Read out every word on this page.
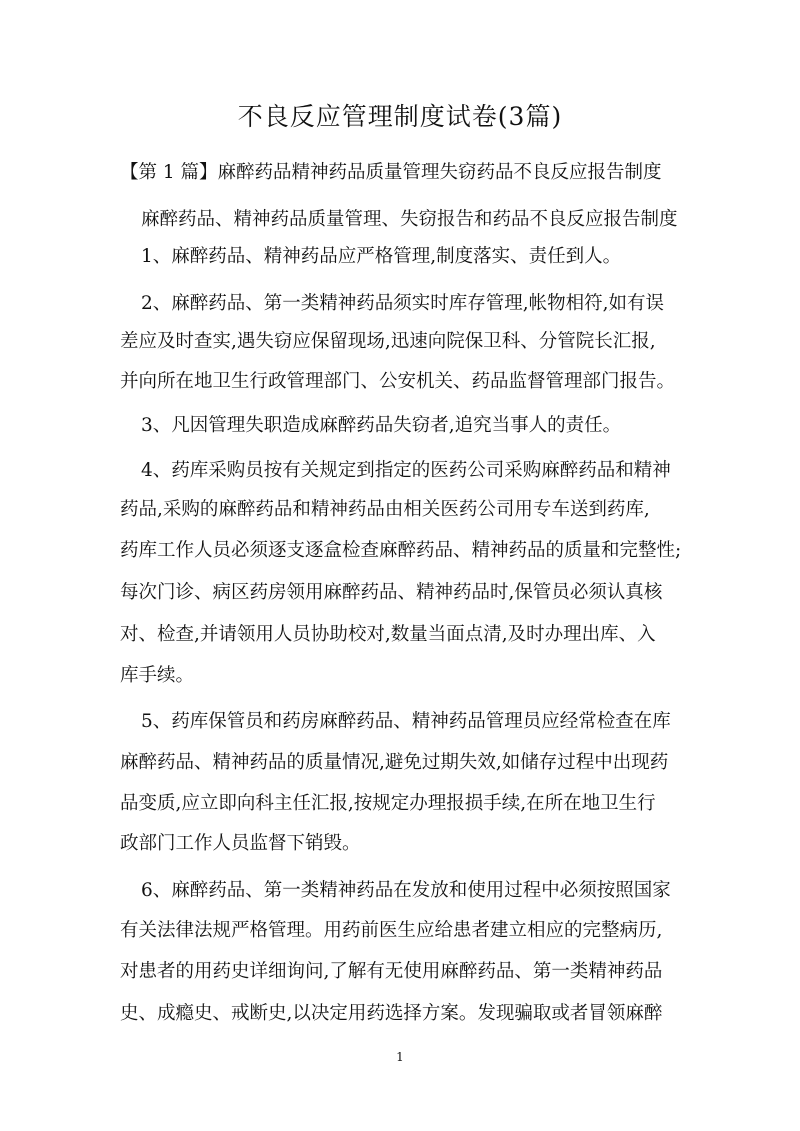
不良反应管理制度试卷(3篇)
【第 1 篇】麻醉药品精神药品质量管理失窃药品不良反应报告制度
麻醉药品、精神药品质量管理、失窃报告和药品不良反应报告制度
1、麻醉药品、精神药品应严格管理,制度落实、责任到人。
2、麻醉药品、第一类精神药品须实时库存管理,帐物相符,如有误
差应及时查实,遇失窃应保留现场,迅速向院保卫科、分管院长汇报,
并向所在地卫生行政管理部门、公安机关、药品监督管理部门报告。
3、凡因管理失职造成麻醉药品失窃者,追究当事人的责任。
4、药库采购员按有关规定到指定的医药公司采购麻醉药品和精神
药品,采购的麻醉药品和精神药品由相关医药公司用专车送到药库,
药库工作人员必须逐支逐盒检查麻醉药品、精神药品的质量和完整性;
每次门诊、病区药房领用麻醉药品、精神药品时,保管员必须认真核
对、检查,并请领用人员协助校对,数量当面点清,及时办理出库、入
库手续。
5、药库保管员和药房麻醉药品、精神药品管理员应经常检查在库
麻醉药品、精神药品的质量情况,避免过期失效,如储存过程中出现药
品变质,应立即向科主任汇报,按规定办理报损手续,在所在地卫生行
政部门工作人员监督下销毁。
6、麻醉药品、第一类精神药品在发放和使用过程中必须按照国家
有关法律法规严格管理。用药前医生应给患者建立相应的完整病历,
对患者的用药史详细询问,了解有无使用麻醉药品、第一类精神药品
史、成瘾史、戒断史,以决定用药选择方案。发现骗取或者冒领麻醉
1
